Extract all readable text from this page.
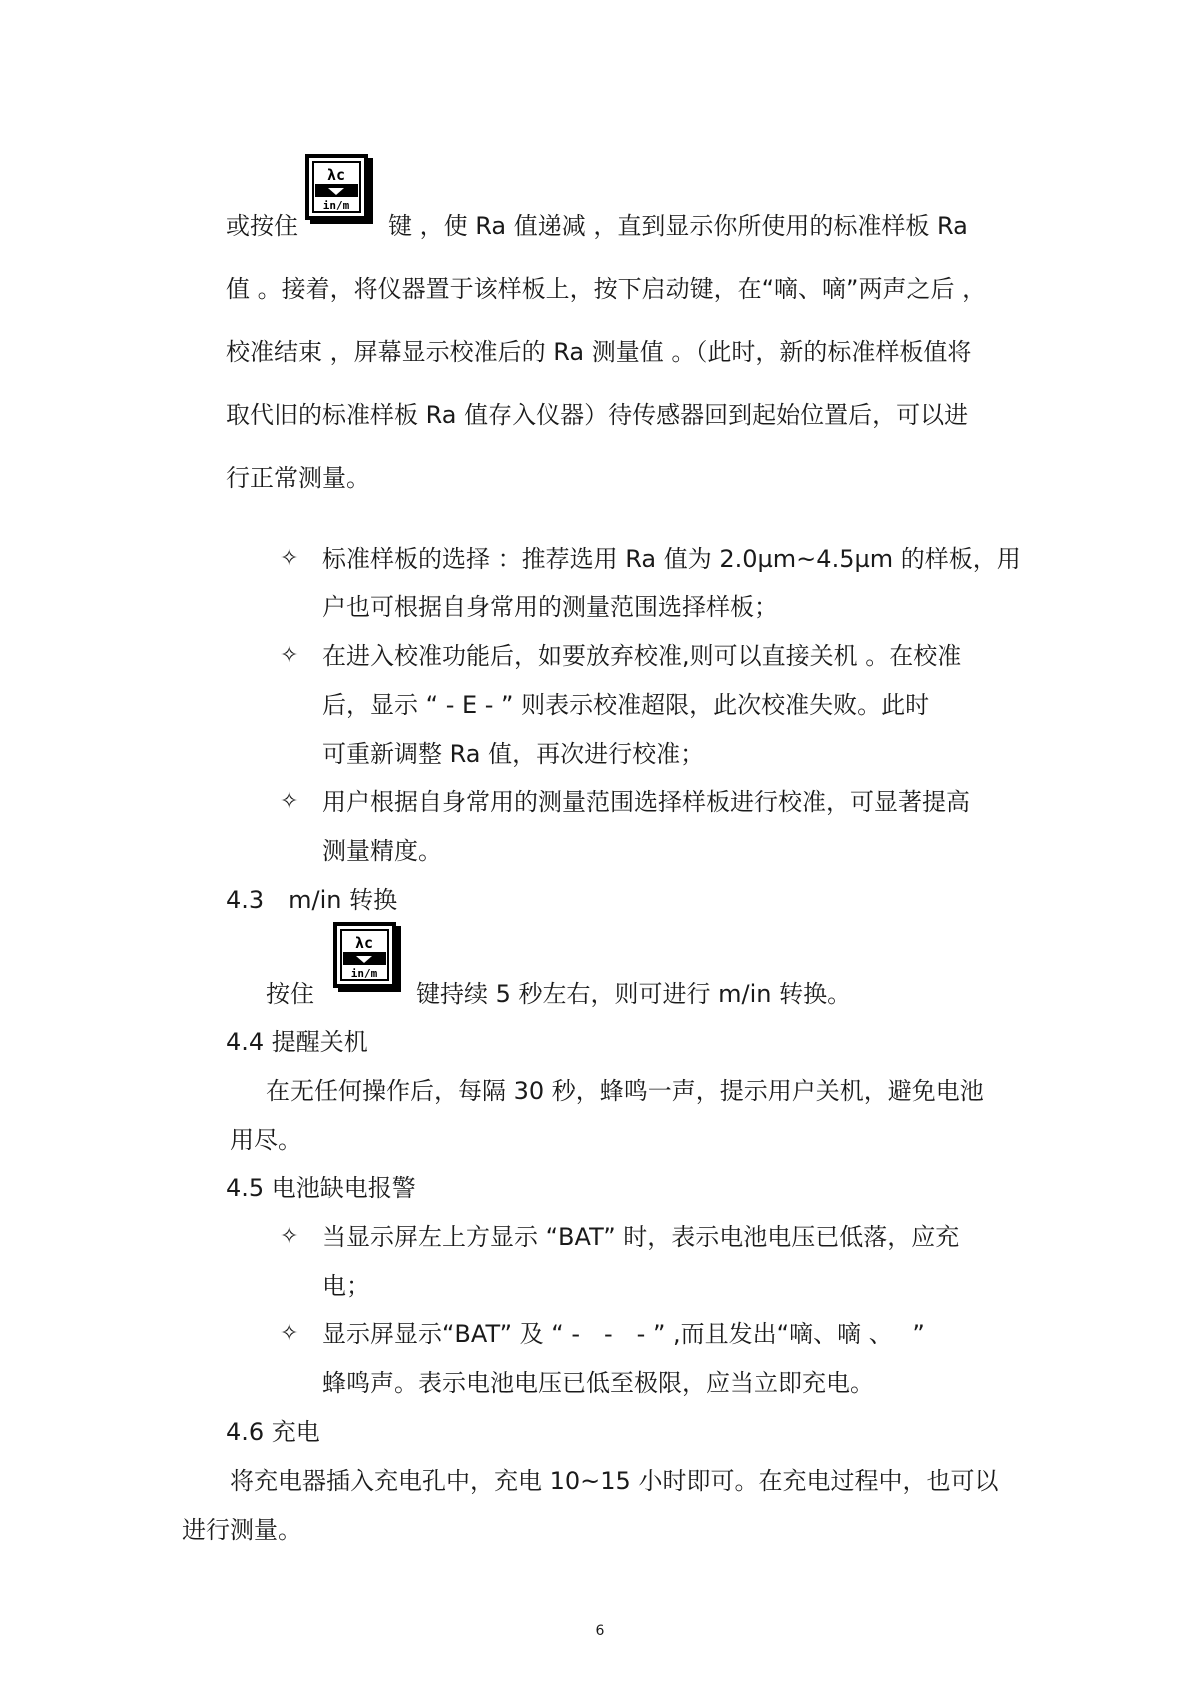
或按住
λc
in/m
键 ，使 Ra 值递减 ，直到显示你所使用的标准样板 Ra
值 。接着，将仪器置于该样板上，按下启动键，在“嘀、嘀”两声之后 ，
校准结束 ，屏幕显示校准后的 Ra 测量值 。（此时，新的标准样板值将
取代旧的标准样板 Ra 值存入仪器）待传感器回到起始位置后，可以进
行正常测量。
✧ 标准样板的选择 ：推荐选用 Ra 值为 2.0µm~4.5µm 的样板，用
户也可根据自身常用的测量范围选择样板；
✧ 在进入校准功能后，如要放弃校准,则可以直接关机 。在校准
后，显示 “ - E - ” 则表示校准超限，此次校准失败。此时
可重新调整 Ra 值，再次进行校准；
✧ 用户根据自身常用的测量范围选择样板进行校准，可显著提高
测量精度。
4.3　m/in 转换
按住
λc
in/m
键持续 5 秒左右，则可进行 m/in 转换。
4.4 提醒关机
在无任何操作后，每隔 30 秒，蜂鸣一声，提示用户关机，避免电池
用尽。
4.5 电池缺电报警
✧ 当显示屏左上方显示 “BAT” 时，表示电池电压已低落，应充
电；
✧ 显示屏显示“BAT” 及 “ -　-　- ” ,而且发出“嘀、嘀 、　 ”
蜂鸣声。表示电池电压已低至极限，应当立即充电。
4.6 充电
将充电器插入充电孔中，充电 10~15 小时即可。在充电过程中，也可以
进行测量。
6
